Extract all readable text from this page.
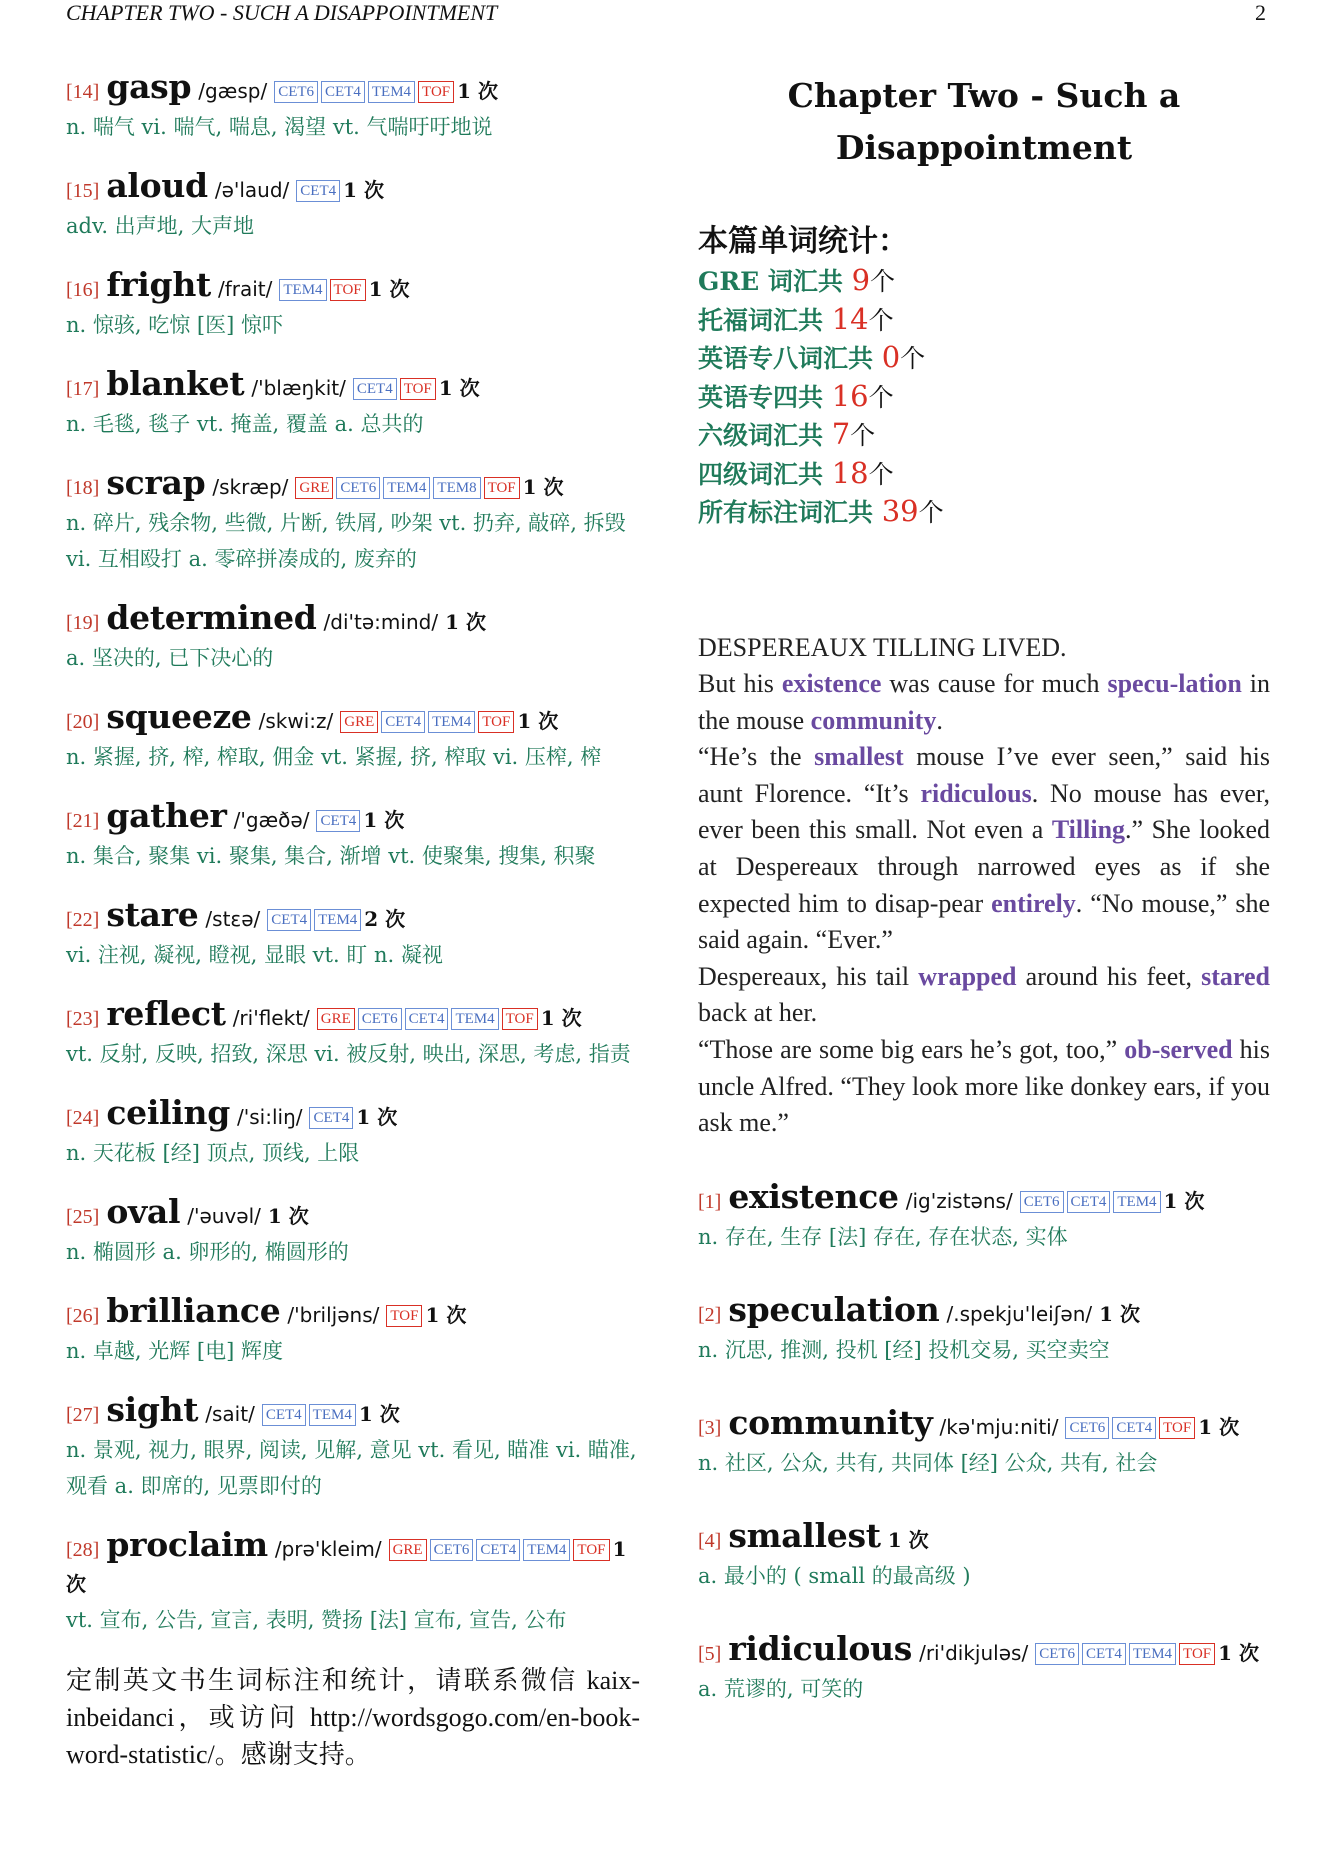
CHAPTER TWO - SUCH A DISAPPOINTMENT	2
[14] gasp /gæsp/ CET6 CET4 TEM4 TOF 1 次
n. 喘气 vi. 喘气, 喘息, 渴望 vt. 气喘吁吁地说
[15] aloud /ə'laud/ CET4 1 次
adv. 出声地, 大声地
[16] fright /frait/ TEM4 TOF 1 次
n. 惊骇, 吃惊 [医] 惊吓
[17] blanket /'blæŋkit/ CET4 TOF 1 次
n. 毛毯, 毯子 vt. 掩盖, 覆盖 a. 总共的
[18] scrap /skræp/ GRE CET6 TEM4 TEM8 TOF 1 次
n. 碎片, 残余物, 些微, 片断, 铁屑, 吵架 vt. 扔弃, 敲碎, 拆毁 vi. 互相殴打 a. 零碎拼凑成的, 废弃的
[19] determined /di'tə:mind/ 1 次
a. 坚决的, 已下决心的
[20] squeeze /skwi:z/ GRE CET4 TEM4 TOF 1 次
n. 紧握, 挤, 榨, 榨取, 佣金 vt. 紧握, 挤, 榨取 vi. 压榨, 榨
[21] gather /'gæðə/ CET4 1 次
n. 集合, 聚集 vi. 聚集, 集合, 渐增 vt. 使聚集, 搜集, 积聚
[22] stare /stεə/ CET4 TEM4 2 次
vi. 注视, 凝视, 瞪视, 显眼 vt. 盯 n. 凝视
[23] reflect /ri'flekt/ GRE CET6 CET4 TEM4 TOF 1 次
vt. 反射, 反映, 招致, 深思 vi. 被反射, 映出, 深思, 考虑, 指责
[24] ceiling /'si:liŋ/ CET4 1 次
n. 天花板 [经] 顶点, 顶线, 上限
[25] oval /'əuvəl/ 1 次
n. 椭圆形 a. 卵形的, 椭圆形的
[26] brilliance /'briljəns/ TOF 1 次
n. 卓越, 光辉 [电] 辉度
[27] sight /sait/ CET4 TEM4 1 次
n. 景观, 视力, 眼界, 阅读, 见解, 意见 vt. 看见, 瞄准 vi. 瞄准, 观看 a. 即席的, 见票即付的
[28] proclaim /prə'kleim/ GRE CET6 CET4 TEM4 TOF 1 次
vt. 宣布, 公告, 宣言, 表明, 赞扬 [法] 宣布, 宣告, 公布
定制英文书生词标注和统计，请联系微信 kaix-inbeidanci，或访问 http://wordsgogo.com/en-book-word-statistic/。感谢支持。
Chapter Two - Such a
Disappointment
本篇单词统计：
GRE 词汇共 9个
托福词汇共 14个
英语专八词汇共 0个
英语专四共 16个
六级词汇共 7个
四级词汇共 18个
所有标注词汇共 39个

DESPEREAUX TILLING LIVED.

But his existence was cause for much specu-lation in the mouse community.

“He’s the smallest mouse I’ve ever seen,” said his aunt Florence. “It’s ridiculous. No mouse has ever, ever been this small. Not even a Tilling.” She looked at Despereaux through narrowed eyes as if she expected him to disap-pear entirely. “No mouse,” she said again. “Ever.”

Despereaux, his tail wrapped around his feet, stared back at her.

“Those are some big ears he’s got, too,” ob-served his uncle Alfred. “They look more like donkey ears, if you ask me.”

[1] existence /ig'zistəns/ CET6 CET4 TEM4 1 次
n. 存在, 生存 [法] 存在, 存在状态, 实体
[2] speculation /.spekju'leiʃən/ 1 次
n. 沉思, 推测, 投机 [经] 投机交易, 买空卖空
[3] community /kə'mju:niti/ CET6 CET4 TOF 1 次
n. 社区, 公众, 共有, 共同体 [经] 公众, 共有, 社会
[4] smallest 1 次
a. 最小的 ( small 的最高级 )
[5] ridiculous /ri'dikjuləs/ CET6 CET4 TEM4 TOF 1 次
a. 荒谬的, 可笑的
